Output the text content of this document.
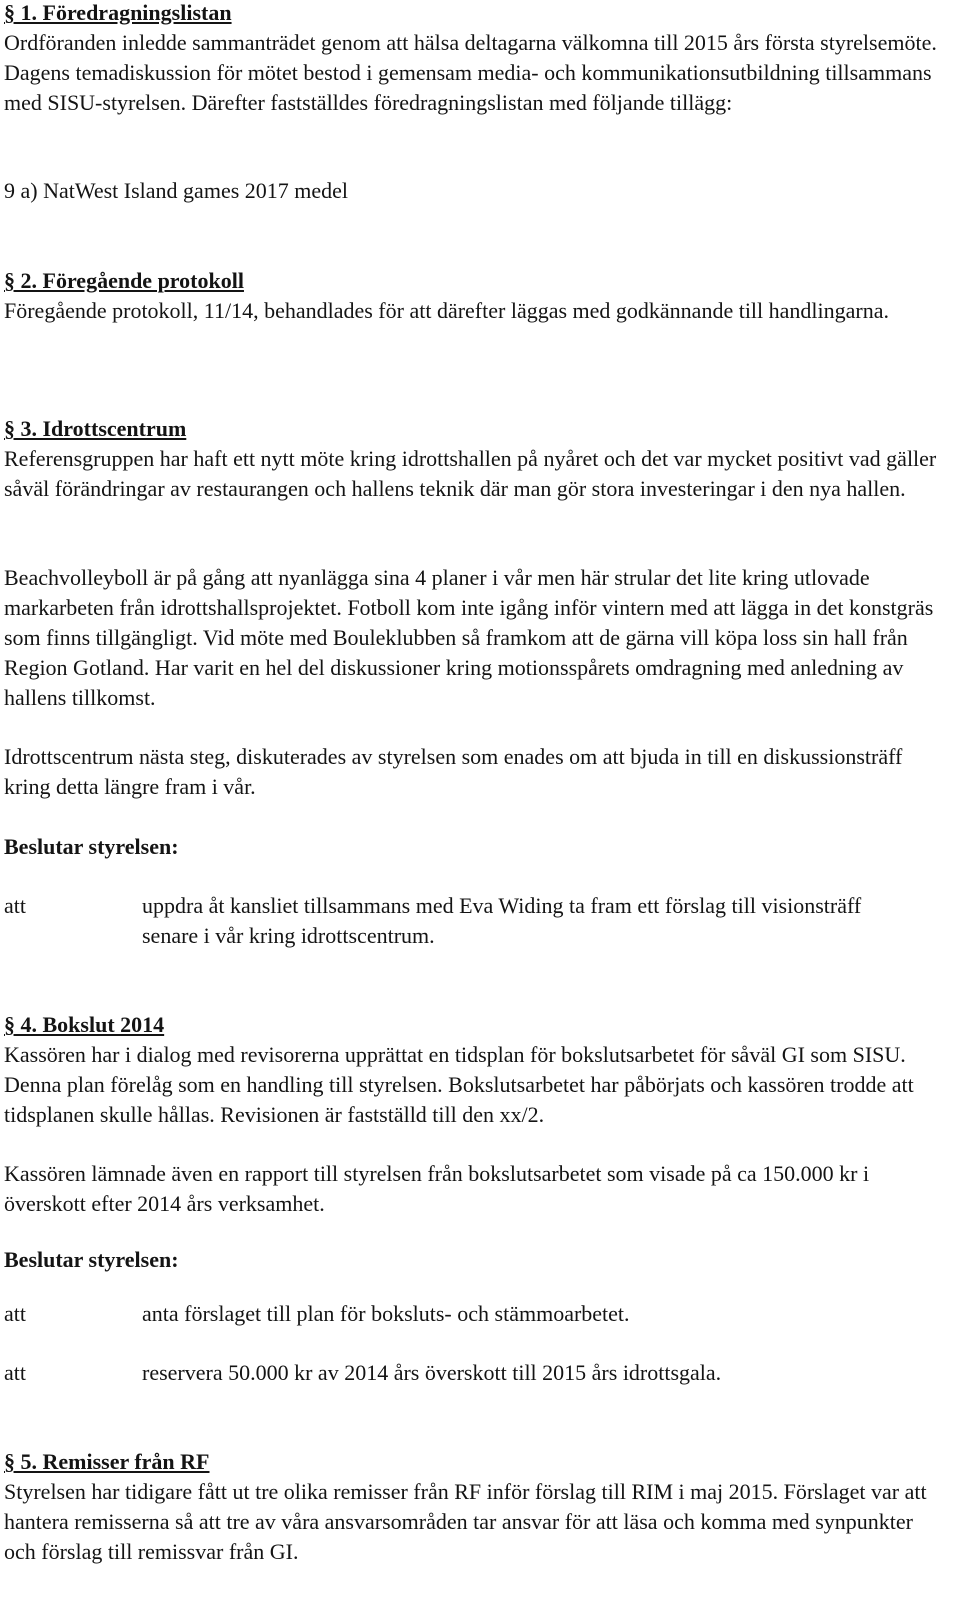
§ 1. Föredragningslistan

Ordföranden inledde sammanträdet genom att hälsa deltagarna välkomna till 2015 års första styrelsemöte. Dagens temadiskussion för mötet bestod i gemensam media- och kommunikationsutbildning tillsammans med SISU-styrelsen. Därefter fastställdes föredragningslistan med följande tillägg:

9 a) NatWest Island games 2017 medel

§ 2. Föregående protokoll

Föregående protokoll, 11/14, behandlades för att därefter läggas med godkännande till handlingarna.

§ 3. Idrottscentrum

Referensgruppen har haft ett nytt möte kring idrottshallen på nyåret och det var mycket positivt vad gäller såväl förändringar av restaurangen och hallens teknik där man gör stora investeringar i den nya hallen.

Beachvolleyboll är på gång att nyanlägga sina 4 planer i vår men här strular det lite kring utlovade markarbeten från idrottshallsprojektet. Fotboll kom inte igång inför vintern med att lägga in det konstgräs som finns tillgängligt. Vid möte med Bouleklubben så framkom att de gärna vill köpa loss sin hall från Region Gotland. Har varit en hel del diskussioner kring motionsspårets omdragning med anledning av hallens tillkomst.

Idrottscentrum nästa steg, diskuterades av styrelsen som enades om att bjuda in till en diskussionsträff kring detta längre fram i vår.

Beslutar styrelsen:
att	uppdra åt kansliet tillsammans med Eva Widing ta fram ett förslag till visionsträff senare i vår kring idrottscentrum.
§ 4. Bokslut 2014

Kassören har i dialog med revisorerna upprättat en tidsplan för bokslutsarbetet för såväl GI som SISU. Denna plan förelåg som en handling till styrelsen. Bokslutsarbetet har påbörjats och kassören trodde att tidsplanen skulle hållas. Revisionen är fastställd till den xx/2.

Kassören lämnade även en rapport till styrelsen från bokslutsarbetet som visade på ca 150.000 kr i överskott efter 2014 års verksamhet.

Beslutar styrelsen:
att	anta förslaget till plan för boksluts- och stämmoarbetet.
att	reservera 50.000 kr av 2014 års överskott till 2015 års idrottsgala.
§ 5. Remisser från RF

Styrelsen har tidigare fått ut tre olika remisser från RF inför förslag till RIM i maj 2015. Förslaget var att hantera remisserna så att tre av våra ansvarsområden tar ansvar för att läsa och komma med synpunkter och förslag till remissvar från GI.
